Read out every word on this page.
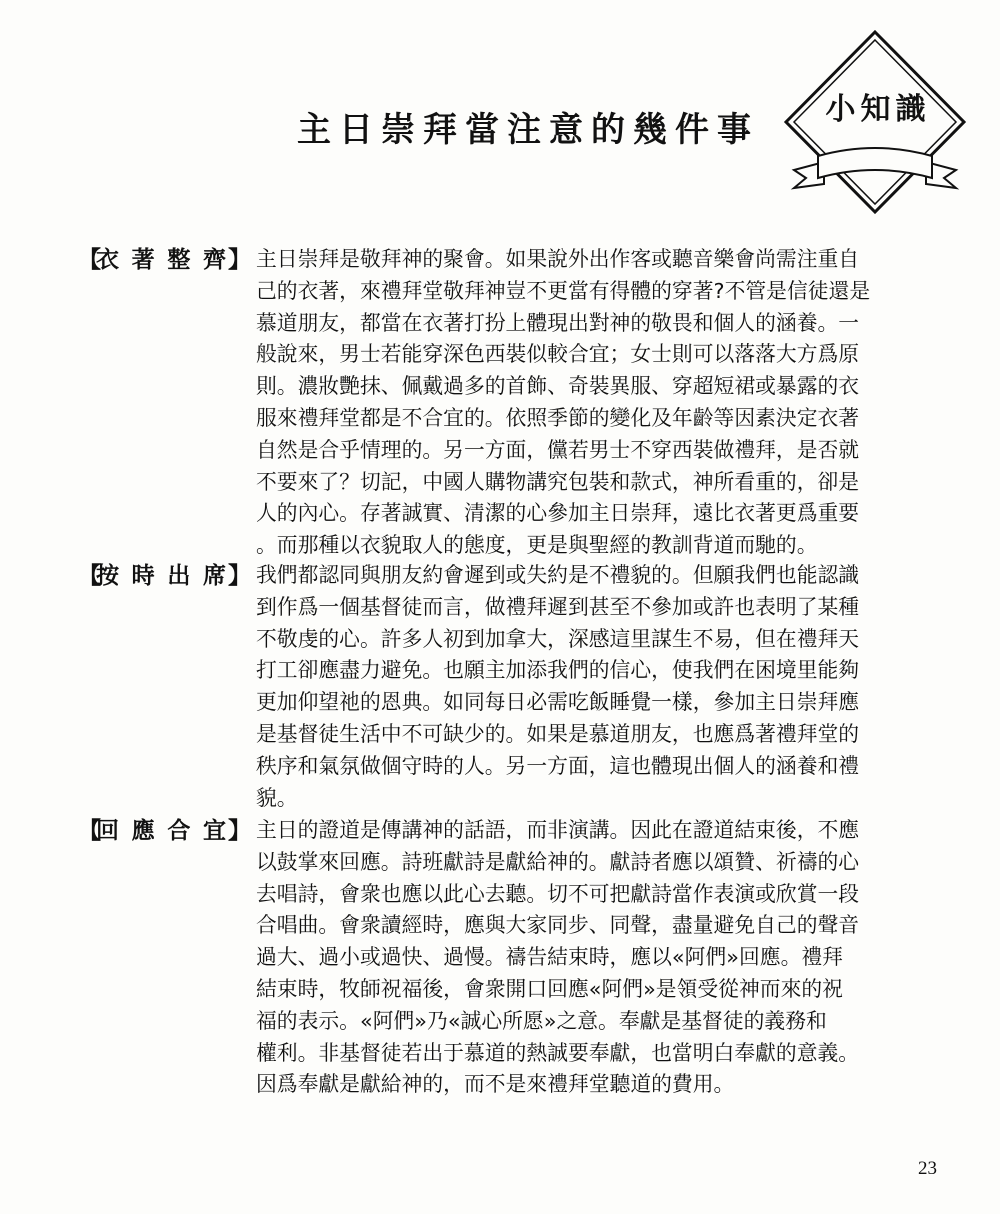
主日崇拜當注意的幾件事
小知識
【衣著整齊】 主日崇拜是敬拜神的聚會。如果說外出作客或聽音樂會尚需注重自
己的衣著，來禮拜堂敬拜神豈不更當有得體的穿著?不管是信徒還是
慕道朋友，都當在衣著打扮上體現出對神的敬畏和個人的涵養。一
般說來，男士若能穿深色西裝似較合宜；女士則可以落落大方爲原
則。濃妝艷抹、佩戴過多的首飾、奇裝異服、穿超短裙或暴露的衣
服來禮拜堂都是不合宜的。依照季節的變化及年齡等因素決定衣著
自然是合乎情理的。另一方面，儻若男士不穿西裝做禮拜，是否就
不要來了？切記，中國人購物講究包裝和款式，神所看重的，卻是
人的內心。存著誠實、清潔的心參加主日崇拜，遠比衣著更爲重要
。而那種以衣貌取人的態度，更是與聖經的教訓背道而馳的。
【按時出席】 我們都認同與朋友約會遲到或失約是不禮貌的。但願我們也能認識
到作爲一個基督徒而言，做禮拜遲到甚至不參加或許也表明了某種
不敬虔的心。許多人初到加拿大，深感這里謀生不易，但在禮拜天
打工卻應盡力避免。也願主加添我們的信心，使我們在困境里能夠
更加仰望祂的恩典。如同每日必需吃飯睡覺一樣，參加主日崇拜應
是基督徒生活中不可缺少的。如果是慕道朋友，也應爲著禮拜堂的
秩序和氣氛做個守時的人。另一方面，這也體現出個人的涵養和禮
貌。
【回應合宜】 主日的證道是傳講神的話語，而非演講。因此在證道結束後，不應
以鼓掌來回應。詩班獻詩是獻給神的。獻詩者應以頌贊、祈禱的心
去唱詩，會衆也應以此心去聽。切不可把獻詩當作表演或欣賞一段
合唱曲。會衆讀經時，應與大家同步、同聲，盡量避免自己的聲音
過大、過小或過快、過慢。禱告結束時，應以«阿們»回應。禮拜
結束時，牧師祝福後，會衆開口回應«阿們»是領受從神而來的祝
福的表示。«阿們»乃«誠心所愿»之意。奉獻是基督徒的義務和
權利。非基督徒若出于慕道的熱誠要奉獻，也當明白奉獻的意義。
因爲奉獻是獻給神的，而不是來禮拜堂聽道的費用。
23
